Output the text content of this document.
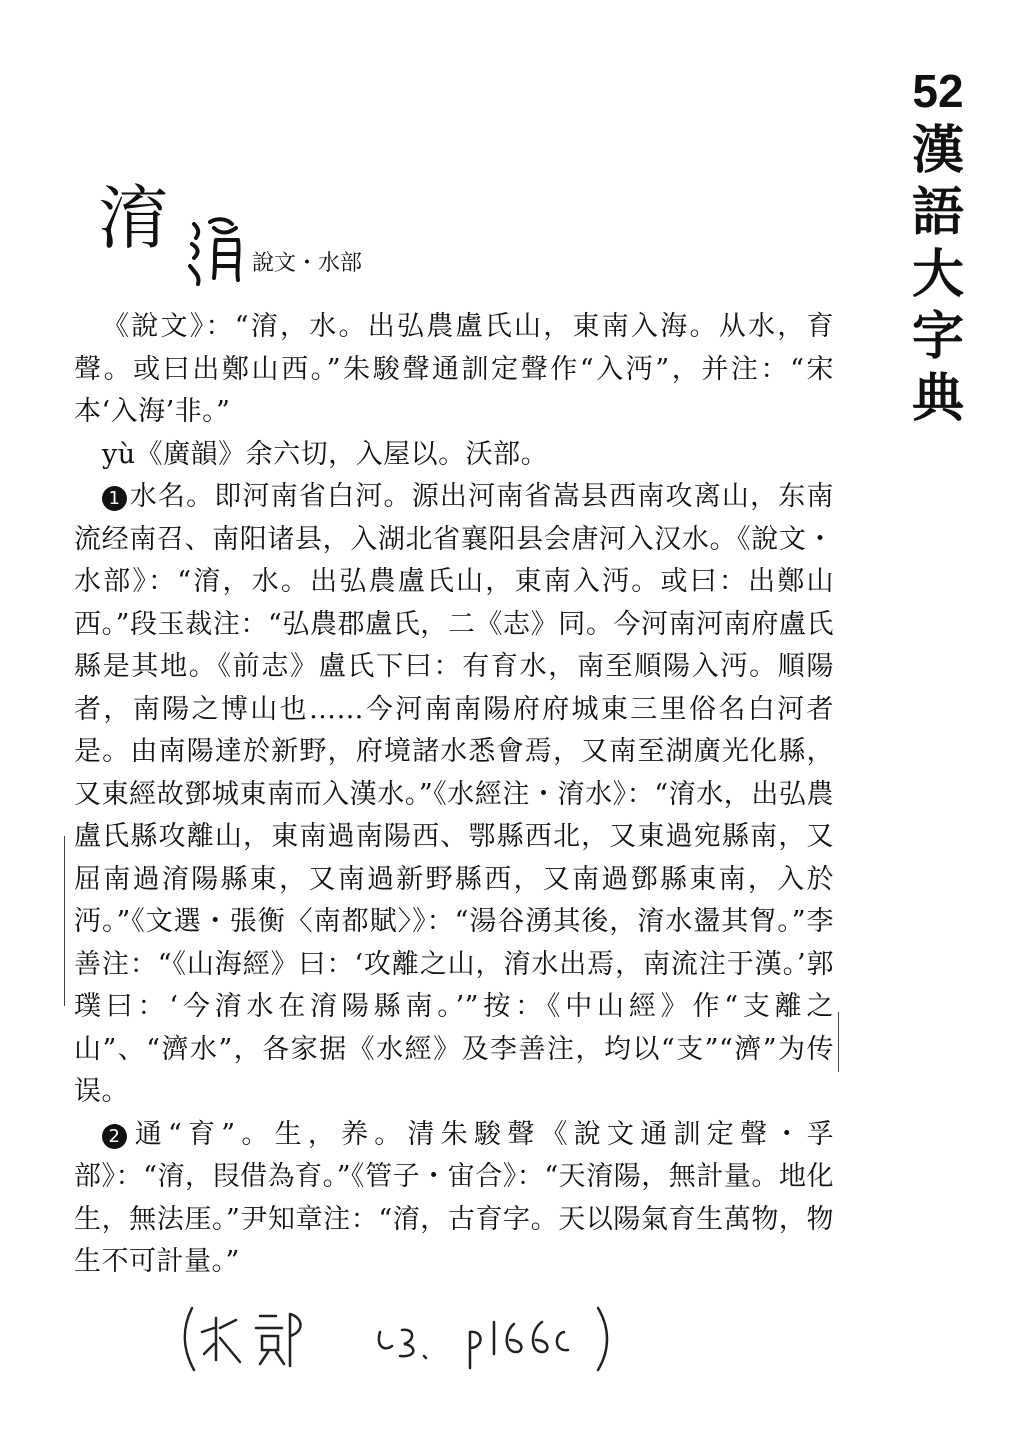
52
漢
語
大
字
典
淯
說文・水部

《說文》：“淯，水。出弘農盧氏山，東南入海。从水，育聲。或曰出鄭山西。”朱駿聲通訓定聲作“入沔”，并注：“宋本‘入海’非。”

yù《廣韻》余六切，入屋以。沃部。

1 水名。即河南省白河。源出河南省嵩县西南攻离山，东南流经南召、南阳诸县，入湖北省襄阳县会唐河入汉水。《說文・水部》：“淯，水。出弘農盧氏山，東南入沔。或曰：出鄭山西。”段玉裁注：“弘農郡盧氏，二《志》同。今河南河南府盧氏縣是其地。《前志》盧氏下曰：有育水，南至順陽入沔。順陽者，南陽之博山也……今河南南陽府府城東三里俗名白河者是。由南陽達於新野，府境諸水悉會焉，又南至湖廣光化縣，又東經故鄧城東南而入漢水。”《水經注・淯水》：“淯水，出弘農盧氏縣攻離山，東南過南陽西、鄂縣西北，又東過宛縣南，又屈南過淯陽縣東，又南過新野縣西，又南過鄧縣東南，入於沔。”《文選・張衡〈南都賦〉》：“湯谷湧其後，淯水盪其胷。”李善注：“《山海經》曰：‘攻離之山，淯水出焉，南流注于漢。’郭璞曰：‘今淯水在淯陽縣南。’”按：《中山經》作“支離之山”、“濟水”，各家据《水經》及李善注，均以“支”“濟”为传误。

2 通“育”。生，养。清朱駿聲《說文通訓定聲・孚部》：“淯，叚借為育。”《管子・宙合》：“天淯陽，無計量。地化生，無法厓。”尹知章注：“淯，古育字。天以陽氣育生萬物，物生不可計量。”
